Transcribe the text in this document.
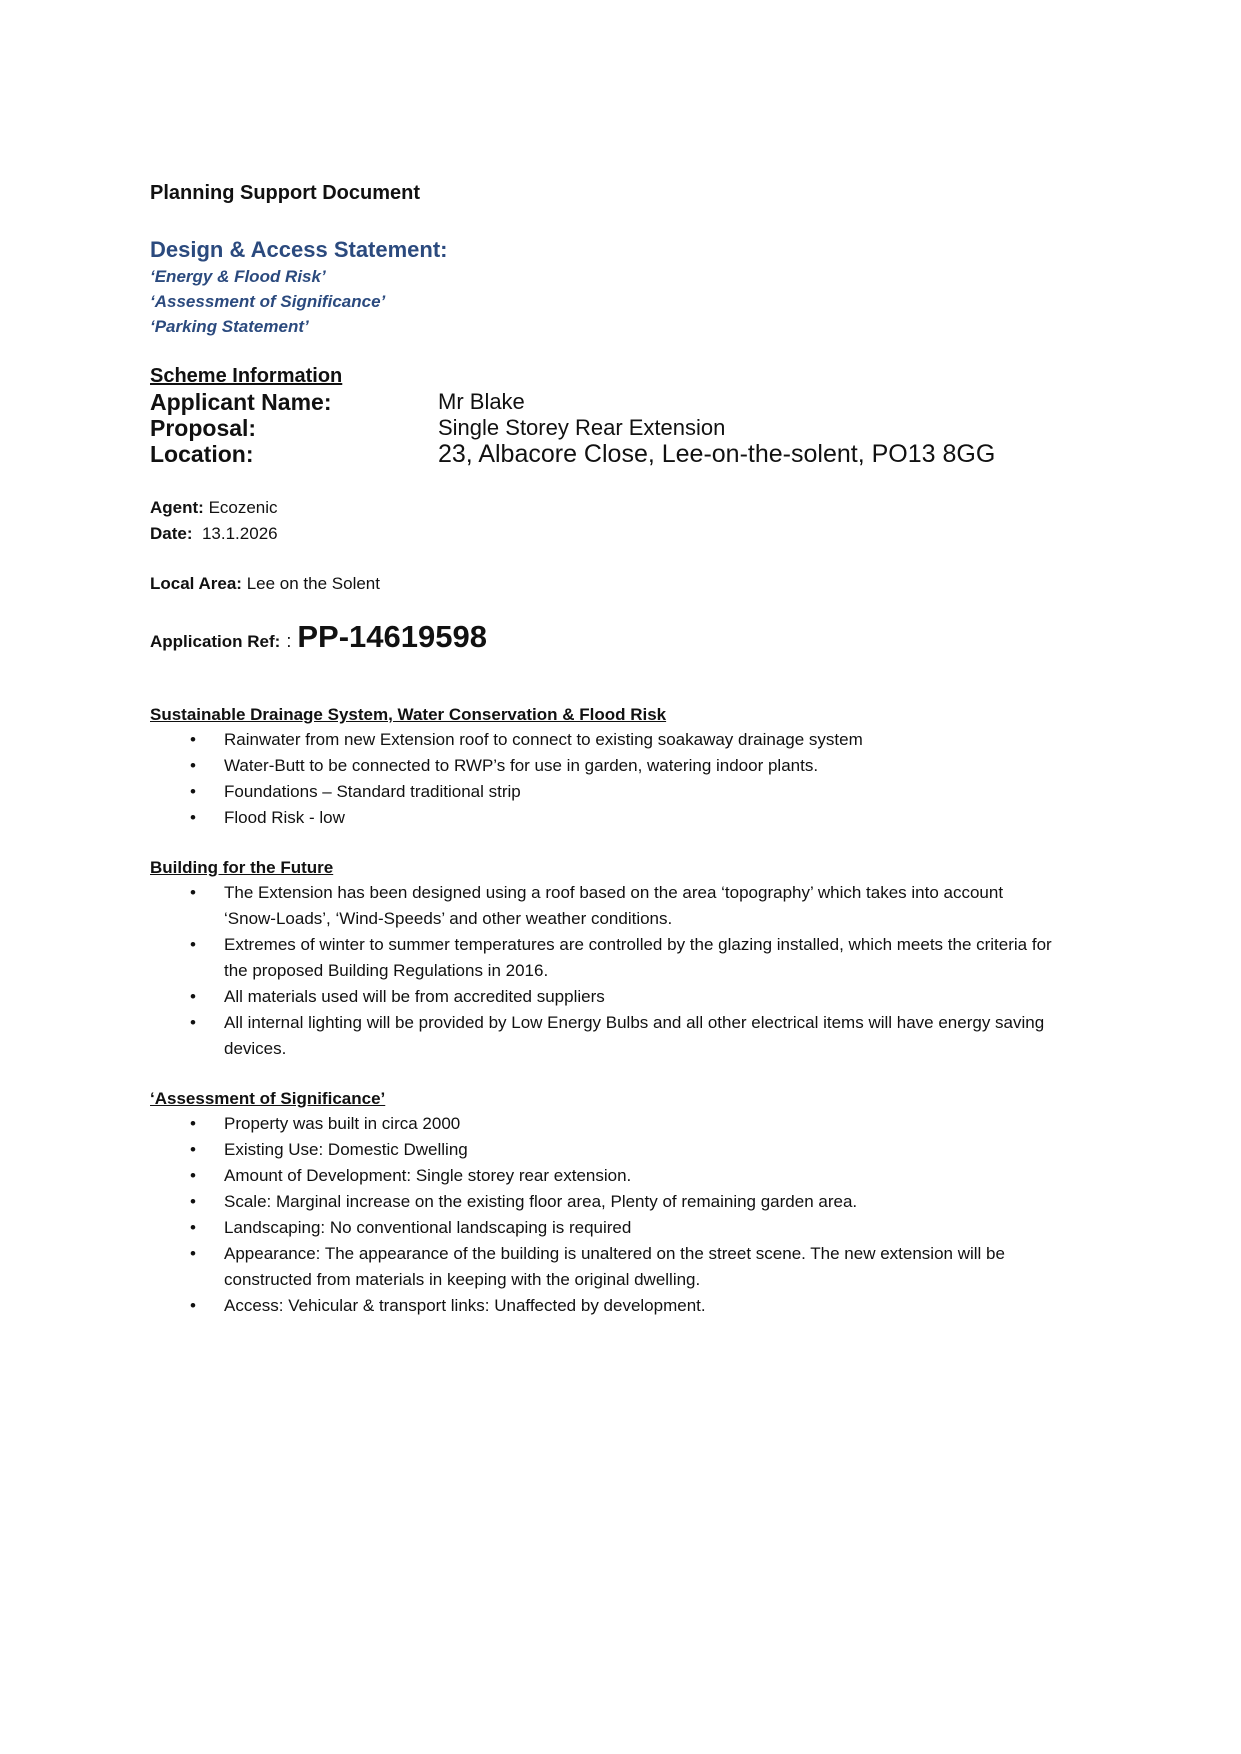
Planning Support Document
Design & Access Statement:
‘Energy & Flood Risk’
‘Assessment of Significance’
‘Parking Statement’
Scheme Information
Applicant Name:	Mr Blake
Proposal:	Single Storey Rear Extension
Location:	23, Albacore Close, Lee-on-the-solent, PO13 8GG
Agent: Ecozenic
Date: 13.1.2026
Local Area: Lee on the Solent
Application Ref: : PP-14619598
Sustainable Drainage System, Water Conservation & Flood Risk
• Rainwater from new Extension roof to connect to existing soakaway drainage system
• Water-Butt to be connected to RWP’s for use in garden, watering indoor plants.
• Foundations – Standard traditional strip
• Flood Risk - low
Building for the Future
• The Extension has been designed using a roof based on the area ‘topography’ which takes into account ‘Snow-Loads’, ‘Wind-Speeds’ and other weather conditions.
• Extremes of winter to summer temperatures are controlled by the glazing installed, which meets the criteria for the proposed Building Regulations in 2016.
• All materials used will be from accredited suppliers
• All internal lighting will be provided by Low Energy Bulbs and all other electrical items will have energy saving devices.
‘Assessment of Significance’
• Property was built in circa 2000
• Existing Use: Domestic Dwelling
• Amount of Development: Single storey rear extension.
• Scale: Marginal increase on the existing floor area, Plenty of remaining garden area.
• Landscaping: No conventional landscaping is required
• Appearance: The appearance of the building is unaltered on the street scene. The new extension will be constructed from materials in keeping with the original dwelling.
• Access: Vehicular & transport links: Unaffected by development.
